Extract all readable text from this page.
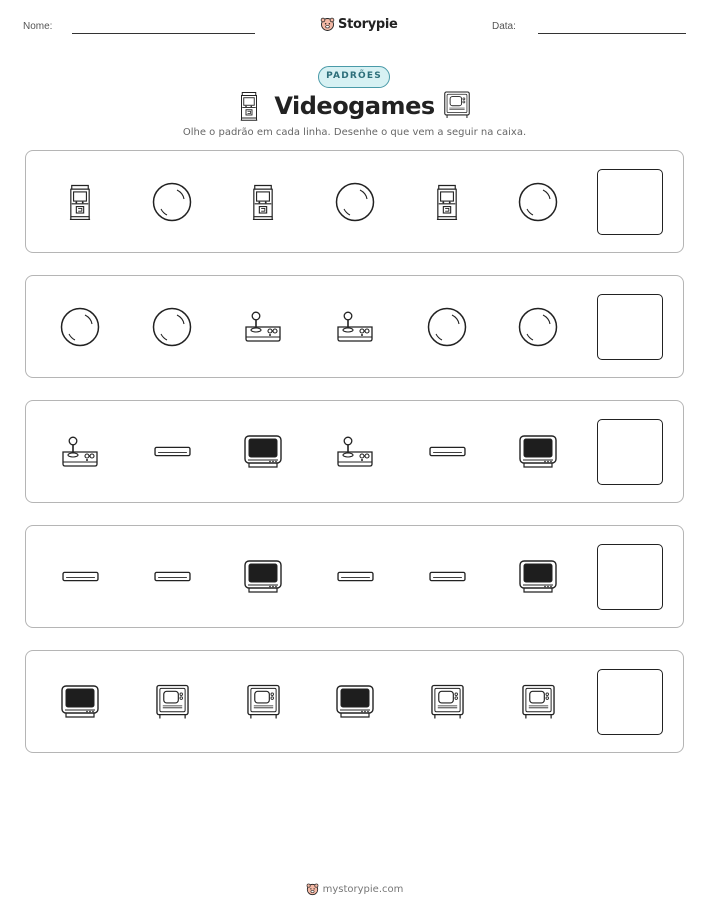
Nome:	Storypie	Data:
PADRÕES
Videogames
Olhe o padrão em cada linha. Desenhe o que vem a seguir na caixa.
mystorypie.com
